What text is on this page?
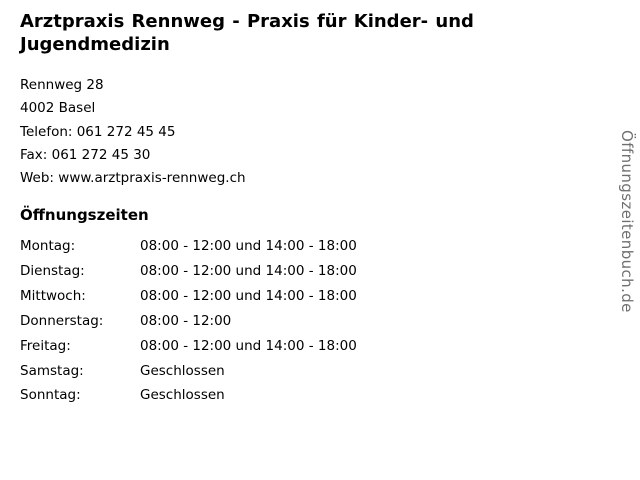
Arztpraxis Rennweg - Praxis für Kinder- und Jugendmedizin
Rennweg 28
4002 Basel
Telefon: 061 272 45 45
Fax: 061 272 45 30
Web: www.arztpraxis-rennweg.ch
Öffnungszeiten
Montag:	08:00 - 12:00 und 14:00 - 18:00
Dienstag:	08:00 - 12:00 und 14:00 - 18:00
Mittwoch:	08:00 - 12:00 und 14:00 - 18:00
Donnerstag:	08:00 - 12:00
Freitag:	08:00 - 12:00 und 14:00 - 18:00
Samstag:	Geschlossen
Sonntag:	Geschlossen
Öffnungszeitenbuch.de
